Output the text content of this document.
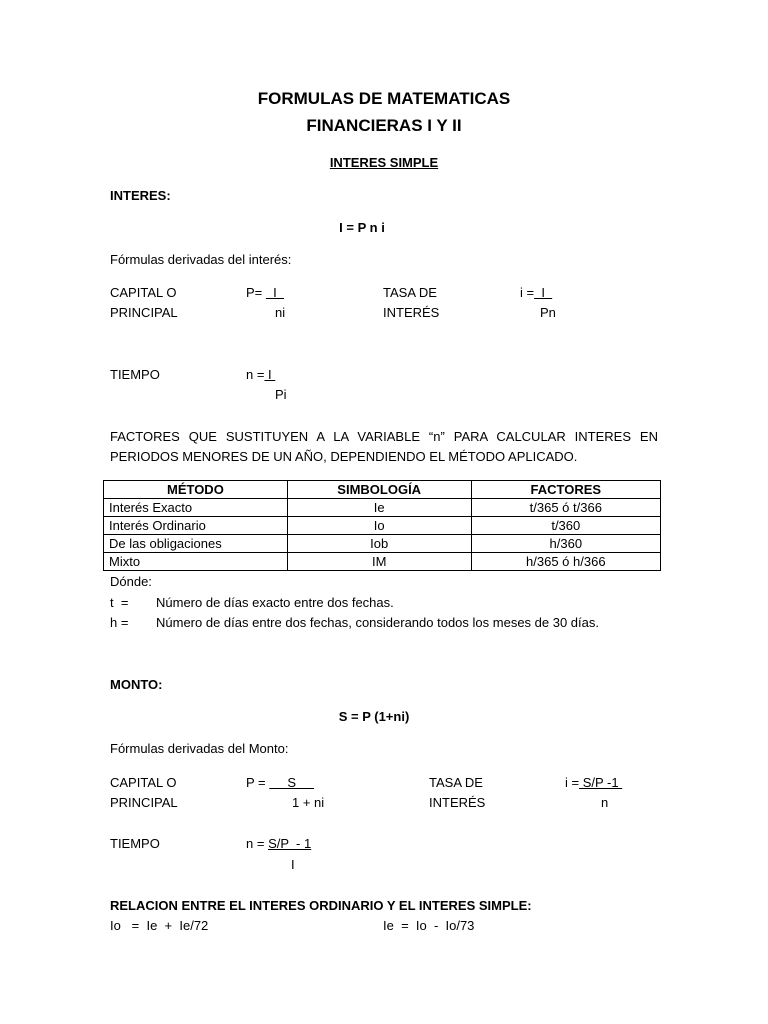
FORMULAS DE MATEMATICAS
FINANCIERAS I Y II
INTERES SIMPLE
INTERES:
I = P n i
Fórmulas derivadas del interés:
CAPITAL O
PRINCIPAL
P=   I
ni
TASA DE
INTERÉS
i =  I
Pn
TIEMPO	n = I
Pi
FACTORES QUE SUSTITUYEN A LA VARIABLE “n” PARA CALCULAR INTERES EN
PERIODOS MENORES DE UN AÑO, DEPENDIENDO EL MÉTODO APLICADO.
MÉTODO	SIMBOLOGÍA	FACTORES
Interés Exacto	Ie	t/365 ó t/366
Interés Ordinario	Io	t/360
De las obligaciones	Iob	h/360
Mixto	IM	h/365 ó h/366
Dónde:
t  = Número de días exacto entre dos fechas.
h = Número de días entre dos fechas, considerando todos los meses de 30 días.
MONTO:
S = P (1+ni)
Fórmulas derivadas del Monto:
CAPITAL O
PRINCIPAL
P =      S
1 + ni
TASA DE
INTERÉS
i = S/P -1
n
TIEMPO	n = S/P  - 1
I
RELACION ENTRE EL INTERES ORDINARIO Y EL INTERES SIMPLE:
Io   =  Ie  +  Ie/72	Ie  =  Io  -  Io/73
